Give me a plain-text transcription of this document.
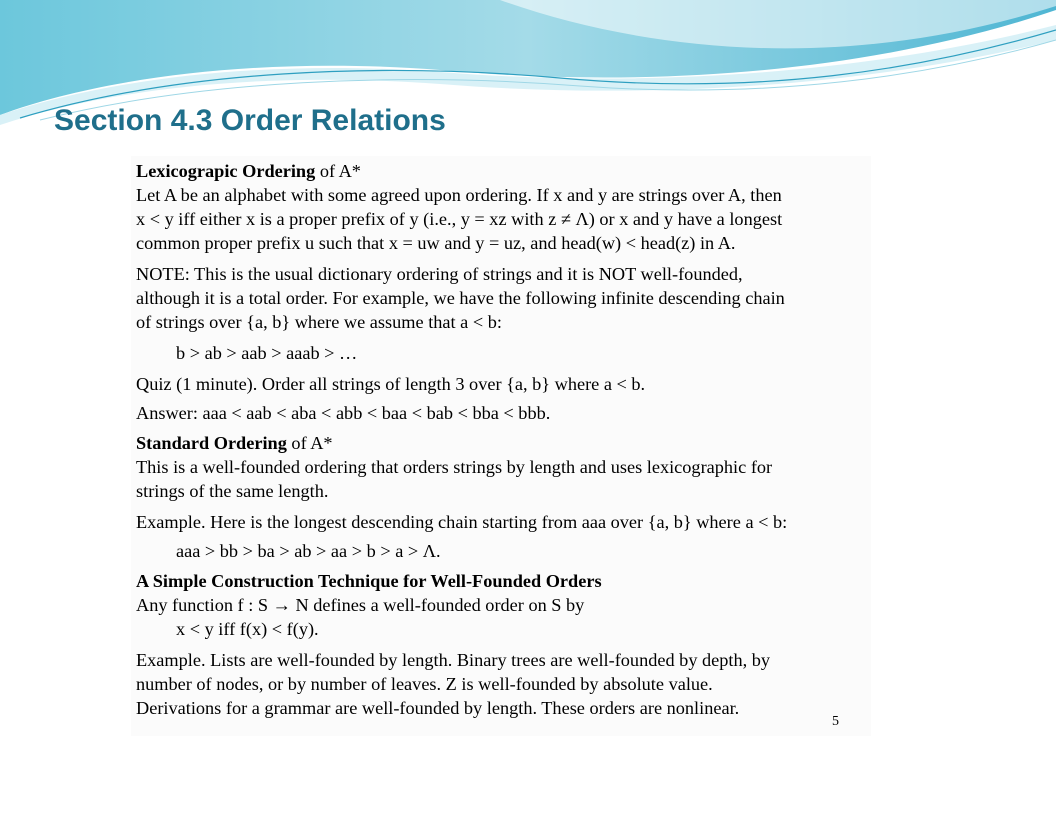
Section 4.3 Order Relations
Lexicograpic Ordering of A*
Let A be an alphabet with some agreed upon ordering. If x and y are strings over A, then
x < y iff either x is a proper prefix of y (i.e., y = xz with z ≠ Λ) or x and y have a longest
common proper prefix u such that x = uw and y = uz, and head(w) < head(z) in A.
NOTE: This is the usual dictionary ordering of strings and it is NOT well-founded,
although it is a total order. For example, we have the following infinite descending chain
of strings over {a, b} where we assume that a < b:
b > ab > aab > aaab > …
Quiz (1 minute). Order all strings of length 3 over {a, b} where a < b.
Answer: aaa < aab < aba < abb < baa < bab < bba < bbb.
Standard Ordering of A*
This is a well-founded ordering that orders strings by length and uses lexicographic for
strings of the same length.
Example. Here is the longest descending chain starting from aaa over {a, b} where a < b:
aaa > bb > ba > ab > aa > b > a > Λ.
A Simple Construction Technique for Well-Founded Orders
Any function f : S → N defines a well-founded order on S by
x < y iff f(x) < f(y).
Example. Lists are well-founded by length. Binary trees are well-founded by depth, by
number of nodes, or by number of leaves. Z is well-founded by absolute value.
Derivations for a grammar are well-founded by length. These orders are nonlinear.
5
